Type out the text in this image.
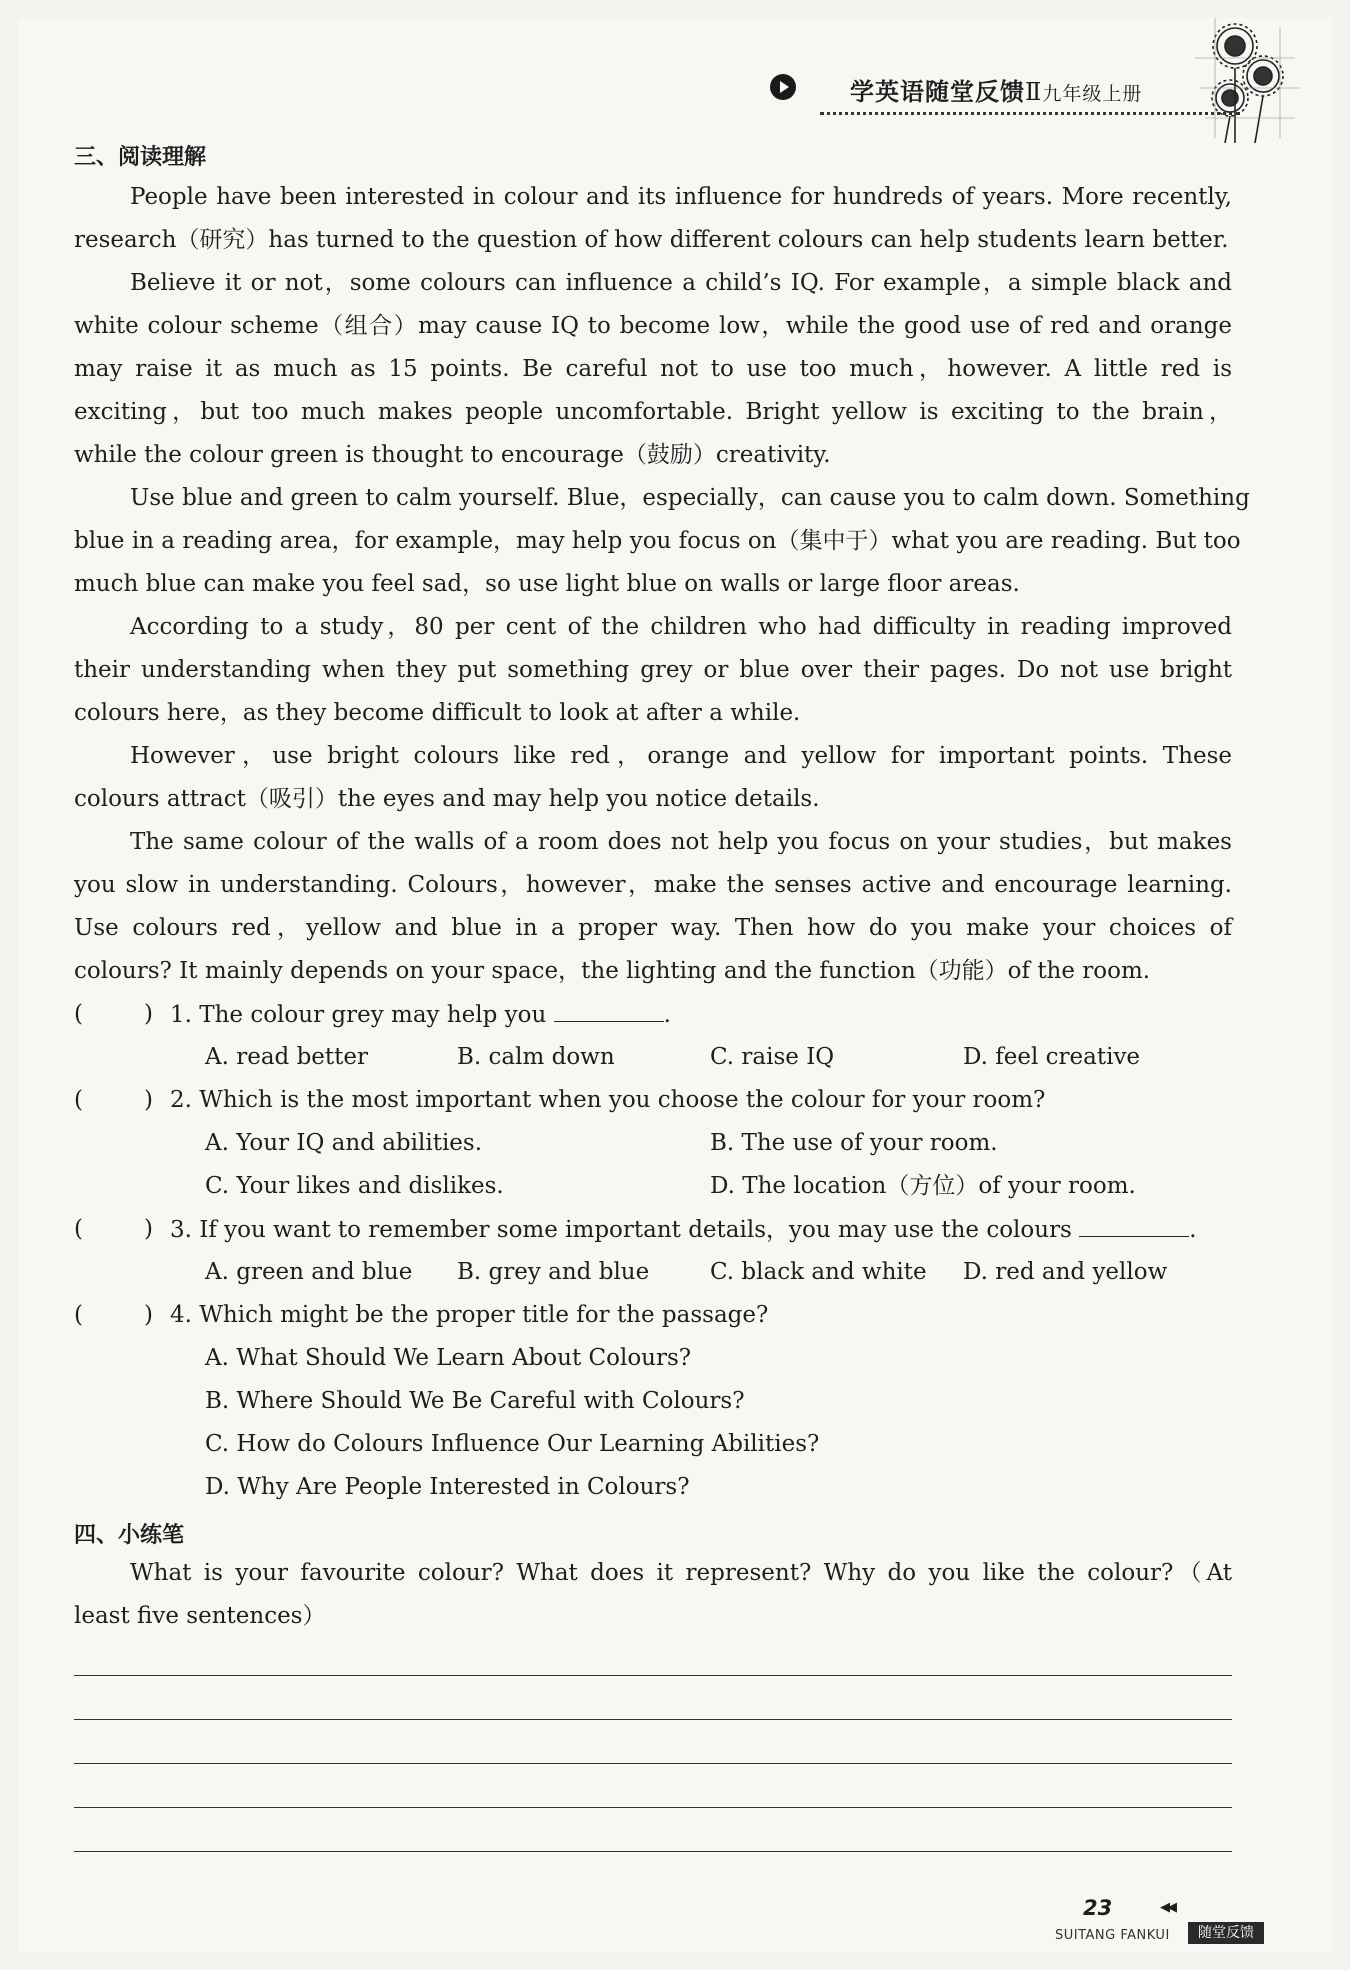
学英语随堂反馈Ⅱ九年级上册
三、阅读理解
People have been interested in colour and its influence for hundreds of years. More recently,
research（研究）has turned to the question of how different colours can help students learn better.
Believe it or not，some colours can influence a child’s IQ. For example，a simple black and
white colour scheme（组合）may cause IQ to become low，while the good use of red and orange
may raise it as much as 15 points. Be careful not to use too much，however. A little red is
exciting，but too much makes people uncomfortable. Bright yellow is exciting to the brain，
while the colour green is thought to encourage（鼓励）creativity.
Use blue and green to calm yourself. Blue，especially，can cause you to calm down. Something
blue in a reading area，for example，may help you focus on（集中于）what you are reading. But too
much blue can make you feel sad，so use light blue on walls or large floor areas.
According to a study，80 per cent of the children who had difficulty in reading improved
their understanding when they put something grey or blue over their pages. Do not use bright
colours here，as they become difficult to look at after a while.
However，use bright colours like red，orange and yellow for important points. These
colours attract（吸引）the eyes and may help you notice details.
The same colour of the walls of a room does not help you focus on your studies，but makes
you slow in understanding. Colours，however，make the senses active and encourage learning.
Use colours red，yellow and blue in a proper way. Then how do you make your choices of
colours? It mainly depends on your space，the lighting and the function（功能）of the room.
(	) 1. The colour grey may help you	.
A. read better	B. calm down	C. raise IQ	D. feel creative
(	) 2. Which is the most important when you choose the colour for your room?
A. Your IQ and abilities.	B. The use of your room.
C. Your likes and dislikes.	D. The location（方位）of your room.
(	) 3. If you want to remember some important details，you may use the colours	.
A. green and blue B. grey and blue	C. black and white D. red and yellow
(	) 4. Which might be the proper title for the passage?
A. What Should We Learn About Colours?
B. Where Should We Be Careful with Colours?
C. How do Colours Influence Our Learning Abilities?
D. Why Are People Interested in Colours?
四、小练笔
What is your favourite colour? What does it represent? Why do you like the colour?（At
least five sentences）
23	◀◀
SUITANG FANKUI	随堂反馈
